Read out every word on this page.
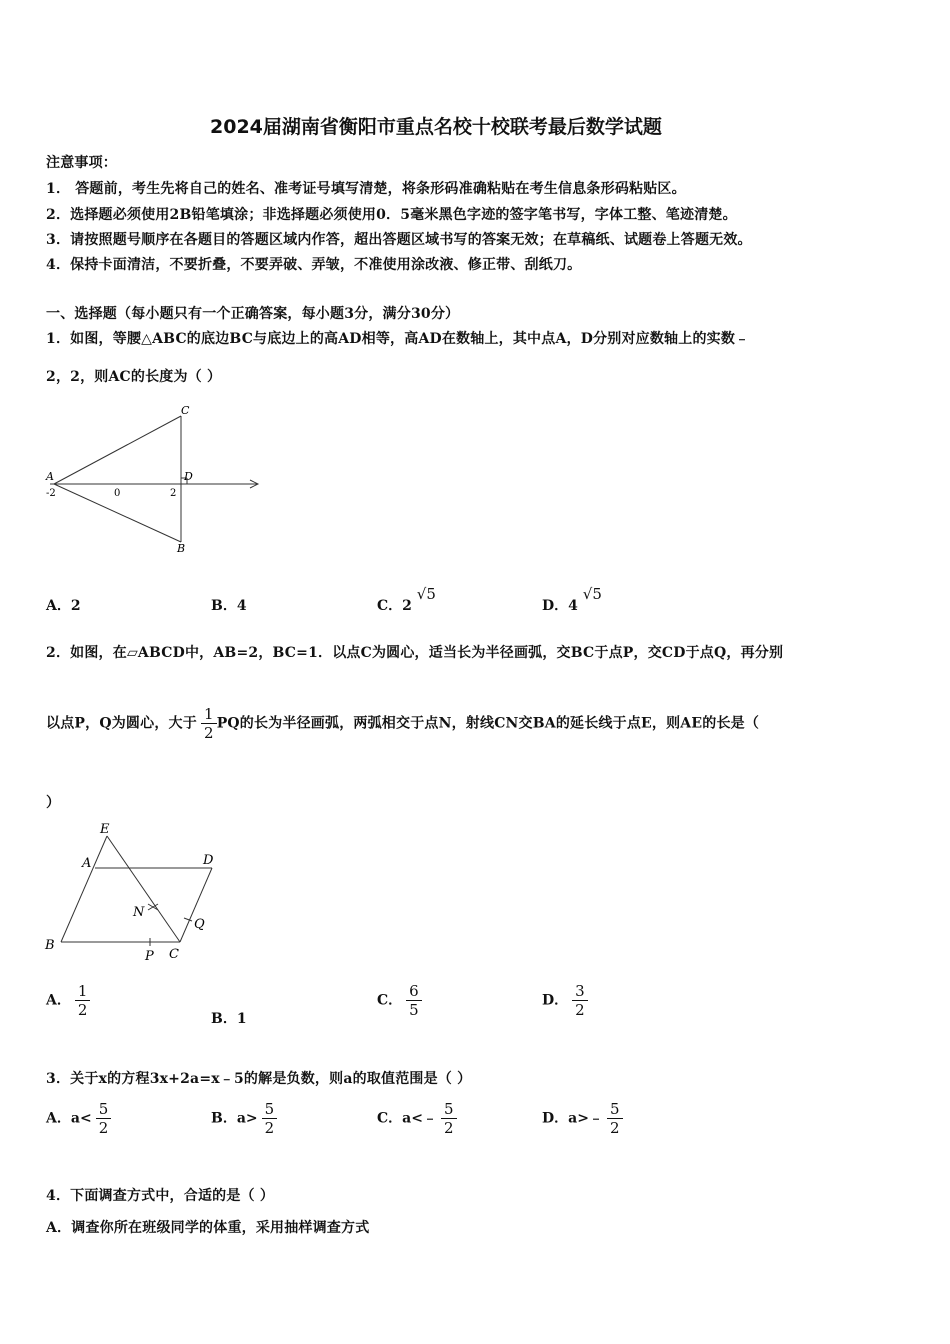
2024届湖南省衡阳市重点名校十校联考最后数学试题
注意事项：
1． 答题前，考生先将自己的姓名、准考证号填写清楚，将条形码准确粘贴在考生信息条形码粘贴区。
2．选择题必须使用2B铅笔填涂；非选择题必须使用0．5毫米黑色字迹的签字笔书写，字体工整、笔迹清楚。
3．请按照题号顺序在各题目的答题区域内作答，超出答题区域书写的答案无效；在草稿纸、试题卷上答题无效。
4．保持卡面清洁，不要折叠，不要弄破、弄皱，不准使用涂改液、修正带、刮纸刀。
一、选择题（每小题只有一个正确答案，每小题3分，满分30分）
1．如图，等腰△ABC的底边BC与底边上的高AD相等，高AD在数轴上，其中点A，D分别对应数轴上的实数﹣
2，2，则AC的长度为（ ）
A
C
D
B
-2	0	2
A．2	B．4	C．2 √5
D．4 √5
2．如图，在▱ABCD中，AB=2，BC=1．以点C为圆心，适当长为半径画弧，交BC于点P，交CD于点Q，再分别
以点P，Q为圆心，大于 $\frac{1}{2}$ PQ的长为半径画弧，两弧相交于点N，射线CN交BA的延长线于点E，则AE的长是（
）
E
A	D
N
Q
B
P C
A． $\frac{1}{2}$	B．1
C． $\frac{6}{5}$	D． $\frac{3}{2}$
3．关于x的方程3x+2a=x﹣5的解是负数，则a的取值范围是（ ）
A．$a< \frac{5}{2}$	B．$a> \frac{5}{2}$	C．a<﹣ $\frac{5}{2}$	D．a>﹣ $\frac{5}{2}$
4．下面调查方式中，合适的是（ ）
A．调查你所在班级同学的体重，采用抽样调查方式
